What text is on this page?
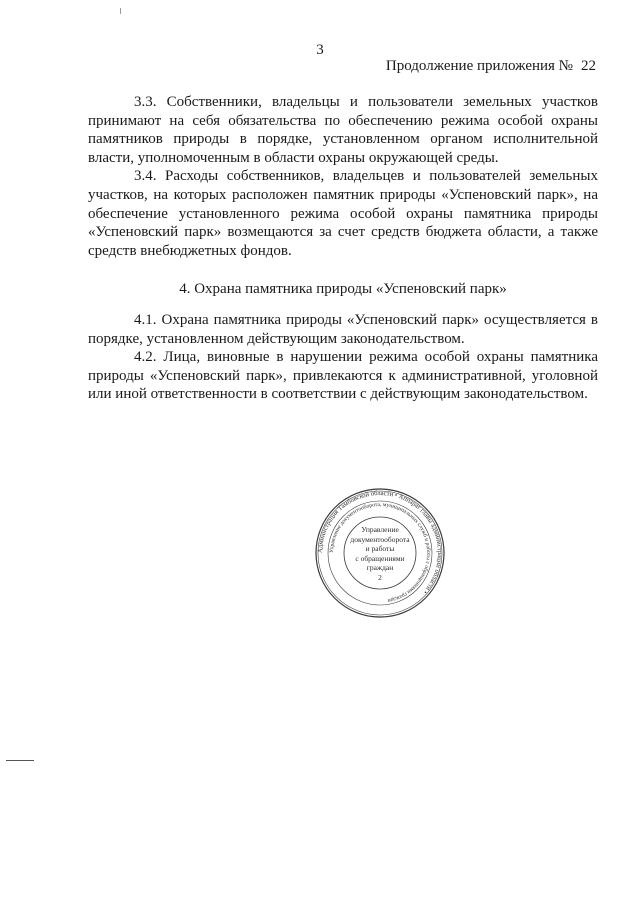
3
Продолжение приложения № 22

3.3. Собственники, владельцы и пользователи земельных участков принимают на себя обязательства по обеспечению режима особой охраны памятников природы в порядке, установленном органом исполнительной власти, уполномоченным в области охраны окружающей среды.

3.4. Расходы собственников, владельцев и пользователей земельных участков, на которых расположен памятник природы «Успеновский парк», на обеспечение установленного режима особой охраны памятника природы «Успеновский парк» возмещаются за счет средств бюджета области, а также средств внебюджетных фондов.

4. Охрана памятника природы «Успеновский парк»

4.1. Охрана памятника природы «Успеновский парк» осуществляется в порядке, установленном действующим законодательством.

4.2. Лица, виновные в нарушении режима особой охраны памятника природы «Успеновский парк», привлекаются к административной, уголовной или иной ответственности в соответствии с действующим законодательством.

Администрация Тамбовской области • Аппарат главы администрации области •
Управление документооборота, муниципальных служб и работы с обращениями граждан
Управление
документооборота
и работы
с обращениями
граждан
2
